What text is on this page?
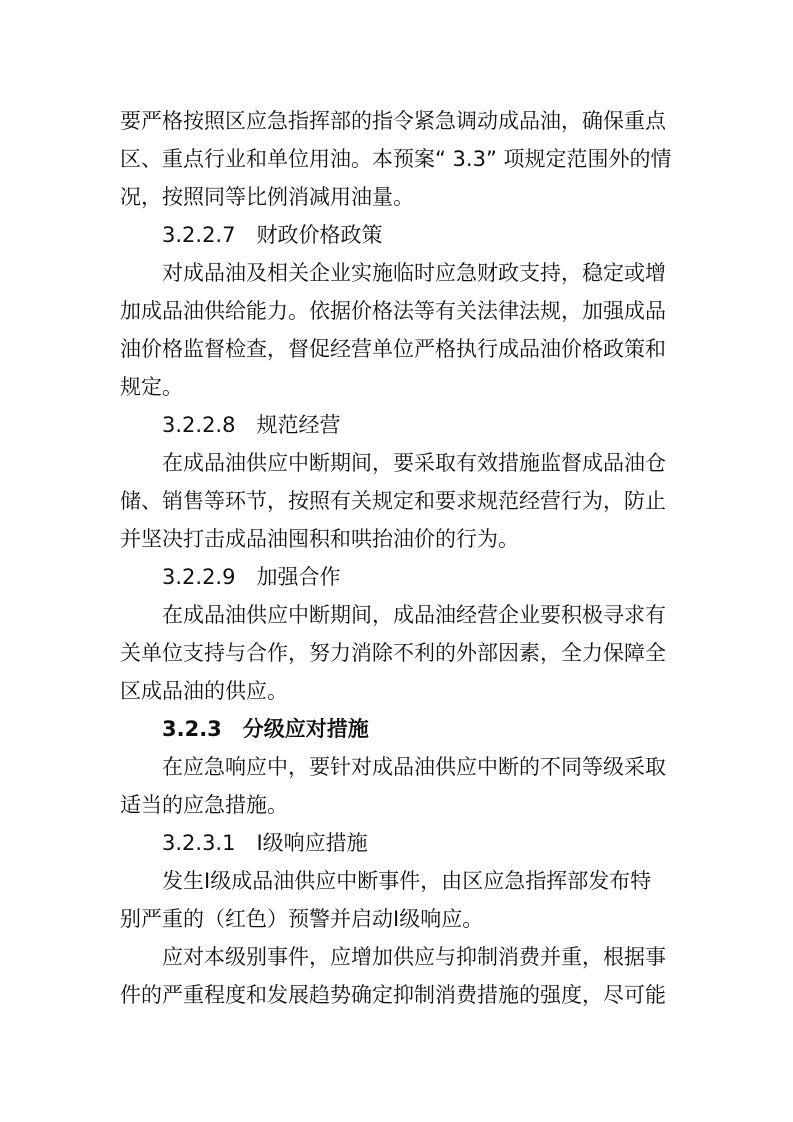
要严格按照区应急指挥部的指令紧急调动成品油，确保重点
区、重点行业和单位用油。本预案“ 3.3” 项规定范围外的情
况，按照同等比例消减用油量。
3.2.2.7　财政价格政策
对成品油及相关企业实施临时应急财政支持，稳定或增
加成品油供给能力。依据价格法等有关法律法规，加强成品
油价格监督检查，督促经营单位严格执行成品油价格政策和
规定。
3.2.2.8　规范经营
在成品油供应中断期间，要采取有效措施监督成品油仓
储、销售等环节，按照有关规定和要求规范经营行为，防止
并坚决打击成品油囤积和哄抬油价的行为。
3.2.2.9　加强合作
在成品油供应中断期间，成品油经营企业要积极寻求有
关单位支持与合作，努力消除不利的外部因素，全力保障全
区成品油的供应。
3.2.3　分级应对措施
在应急响应中，要针对成品油供应中断的不同等级采取
适当的应急措施。
3.2.3.1　Ⅰ级响应措施
发生Ⅰ级成品油供应中断事件，由区应急指挥部发布特
别严重的（红色）预警并启动Ⅰ级响应。
应对本级别事件，应增加供应与抑制消费并重，根据事
件的严重程度和发展趋势确定抑制消费措施的强度，尽可能
